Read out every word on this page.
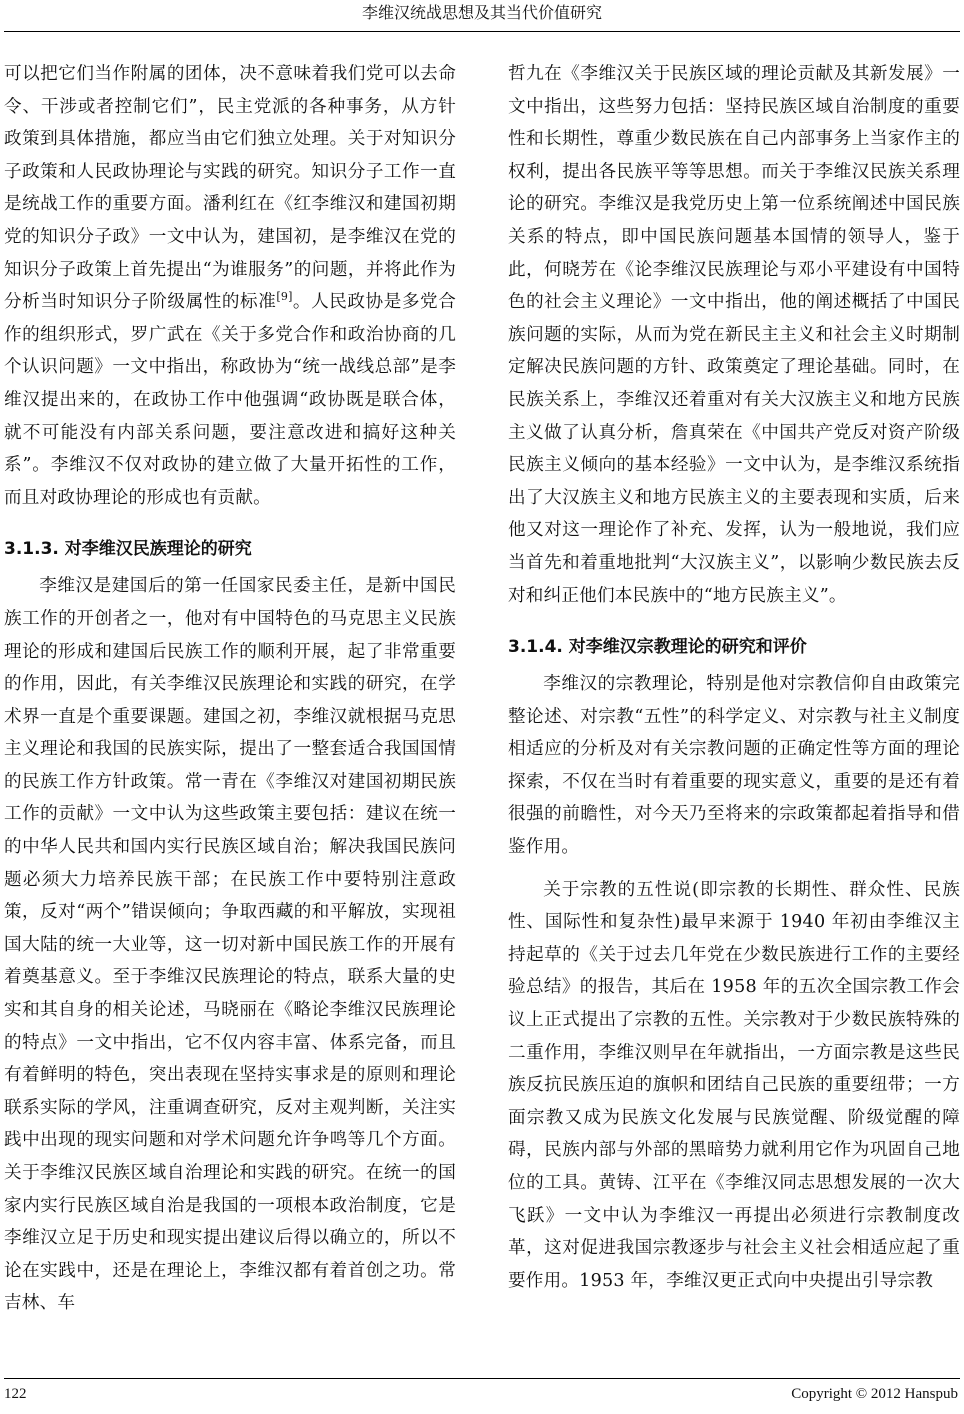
李维汉统战思想及其当代价值研究

可以把它们当作附属的团体，决不意味着我们党可以去命令、干涉或者控制它们”，民主党派的各种事务，从方针政策到具体措施，都应当由它们独立处理。关于对知识分子政策和人民政协理论与实践的研究。知识分子工作一直是统战工作的重要方面。潘利红在《红李维汉和建国初期党的知识分子政》一文中认为，建国初，是李维汉在党的知识分子政策上首先提出“为谁服务”的问题，并将此作为分析当时知识分子阶级属性的标准[9]。人民政协是多党合作的组织形式，罗广武在《关于多党合作和政治协商的几个认识问题》一文中指出，称政协为“统一战线总部”是李维汉提出来的，在政协工作中他强调“政协既是联合体，就不可能没有内部关系问题，要注意改进和搞好这种关系”。李维汉不仅对政协的建立做了大量开拓性的工作，而且对政协理论的形成也有贡献。

3.1.3. 对李维汉民族理论的研究

李维汉是建国后的第一任国家民委主任，是新中国民族工作的开创者之一，他对有中国特色的马克思主义民族理论的形成和建国后民族工作的顺利开展，起了非常重要的作用，因此，有关李维汉民族理论和实践的研究，在学术界一直是个重要课题。建国之初，李维汉就根据马克思主义理论和我国的民族实际，提出了一整套适合我国国情的民族工作方针政策。常一青在《李维汉对建国初期民族工作的贡献》一文中认为这些政策主要包括：建议在统一的中华人民共和国内实行民族区域自治；解决我国民族问题必须大力培养民族干部；在民族工作中要特别注意政策，反对“两个”错误倾向；争取西藏的和平解放，实现祖国大陆的统一大业等，这一切对新中国民族工作的开展有着奠基意义。至于李维汉民族理论的特点，联系大量的史实和其自身的相关论述，马晓丽在《略论李维汉民族理论的特点》一文中指出，它不仅内容丰富、体系完备，而且有着鲜明的特色，突出表现在坚持实事求是的原则和理论联系实际的学风，注重调查研究，反对主观判断，关注实践中出现的现实问题和对学术问题允许争鸣等几个方面。关于李维汉民族区域自治理论和实践的研究。在统一的国家内实行民族区域自治是我国的一项根本政治制度，它是李维汉立足于历史和现实提出建议后得以确立的，所以不论在实践中，还是在理论上，李维汉都有着首创之功。常吉林、车

哲九在《李维汉关于民族区域的理论贡献及其新发展》一文中指出，这些努力包括：坚持民族区域自治制度的重要性和长期性，尊重少数民族在自己内部事务上当家作主的权利，提出各民族平等等思想。而关于李维汉民族关系理论的研究。李维汉是我党历史上第一位系统阐述中国民族关系的特点，即中国民族问题基本国情的领导人，鉴于此，何晓芳在《论李维汉民族理论与邓小平建设有中国特色的社会主义理论》一文中指出，他的阐述概括了中国民族问题的实际，从而为党在新民主主义和社会主义时期制定解决民族问题的方针、政策奠定了理论基础。同时，在民族关系上，李维汉还着重对有关大汉族主义和地方民族主义做了认真分析，詹真荣在《中国共产党反对资产阶级民族主义倾向的基本经验》一文中认为，是李维汉系统指出了大汉族主义和地方民族主义的主要表现和实质，后来他又对这一理论作了补充、发挥，认为一般地说，我们应当首先和着重地批判“大汉族主义”，以影响少数民族去反对和纠正他们本民族中的“地方民族主义”。

3.1.4. 对李维汉宗教理论的研究和评价

李维汉的宗教理论，特别是他对宗教信仰自由政策完整论述、对宗教“五性”的科学定义、对宗教与社主义制度相适应的分析及对有关宗教问题的正确定性等方面的理论探索，不仅在当时有着重要的现实意义，重要的是还有着很强的前瞻性，对今天乃至将来的宗政策都起着指导和借鉴作用。

关于宗教的五性说(即宗教的长期性、群众性、民族性、国际性和复杂性)最早来源于 1940 年初由李维汉主持起草的《关于过去几年党在少数民族进行工作的主要经验总结》的报告，其后在 1958 年的五次全国宗教工作会议上正式提出了宗教的五性。关宗教对于少数民族特殊的二重作用，李维汉则早在年就指出，一方面宗教是这些民族反抗民族压迫的旗帜和团结自己民族的重要纽带；一方面宗教又成为民族文化发展与民族觉醒、阶级觉醒的障碍，民族内部与外部的黑暗势力就利用它作为巩固自己地位的工具。黄铸、江平在《李维汉同志思想发展的一次大飞跃》一文中认为李维汉一再提出必须进行宗教制度改革，这对促进我国宗教逐步与社会主义社会相适应起了重要作用。1953 年，李维汉更正式向中央提出引导宗教

122	Copyright © 2012 Hanspub
